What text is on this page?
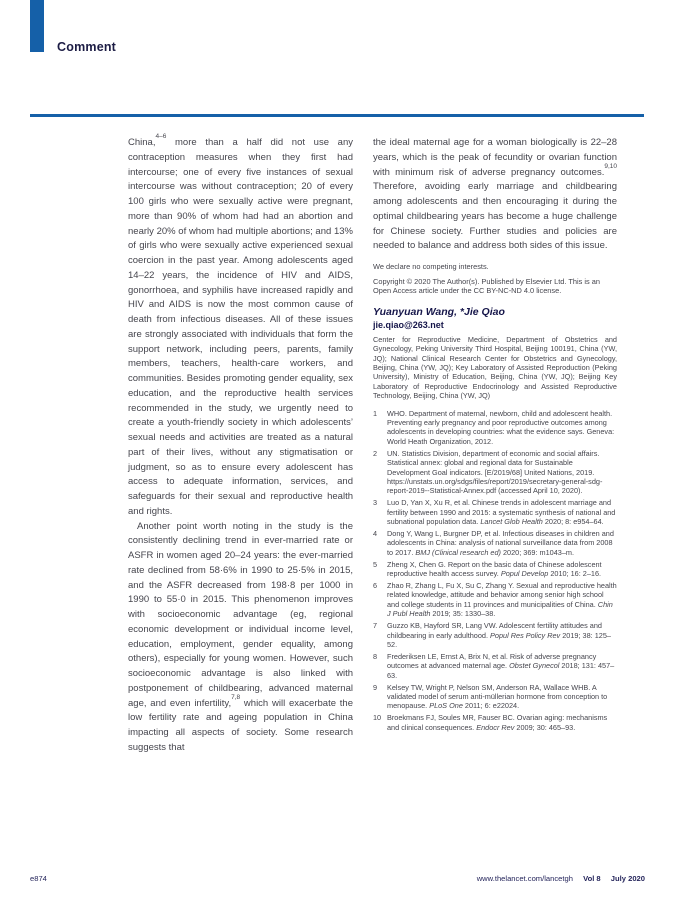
Comment

China,$^{4-6}$ more than a half did not use any contraception measures when they first had intercourse; one of every five instances of sexual intercourse was without contraception; 20 of every 100 girls who were sexually active were pregnant, more than 90% of whom had had an abortion and nearly 20% of whom had multiple abortions; and 13% of girls who were sexually active experienced sexual coercion in the past year. Among adolescents aged 14–22 years, the incidence of HIV and AIDS, gonorrhoea, and syphilis have increased rapidly and HIV and AIDS is now the most common cause of death from infectious diseases. All of these issues are strongly associated with individuals that form the support network, including peers, parents, family members, teachers, health-care workers, and communities. Besides promoting gender equality, sex education, and the reproductive health services recommended in the study, we urgently need to create a youth-friendly society in which adolescents’ sexual needs and activities are treated as a natural part of their lives, without any stigmatisation or judgment, so as to ensure every adolescent has access to adequate information, services, and safeguards for their sexual and reproductive health and rights.

Another point worth noting in the study is the consistently declining trend in ever-married rate or ASFR in women aged 20–24 years: the ever-married rate declined from 58·6% in 1990 to 25·5% in 2015, and the ASFR decreased from 198·8 per 1000 in 1990 to 55·0 in 2015. This phenomenon improves with socioeconomic advantage (eg, regional economic development or individual income level, education, employment, gender equality, among others), especially for young women. However, such socioeconomic advantage is also linked with postponement of childbearing, advanced maternal age, and even infertility,$^{7,8}$ which will exacerbate the low fertility rate and ageing population in China impacting all aspects of society. Some research suggests that

the ideal maternal age for a woman biologically is 22–28 years, which is the peak of fecundity or ovarian function with minimum risk of adverse pregnancy outcomes.$^{9,10}$ Therefore, avoiding early marriage and childbearing among adolescents and then encouraging it during the optimal childbearing years has become a huge challenge for Chinese society. Further studies and policies are needed to balance and address both sides of this issue.

We declare no competing interests.

Copyright © 2020 The Author(s). Published by Elsevier Ltd. This is an Open Access article under the CC BY-NC-ND 4.0 license.

Yuanyuan Wang, *Jie Qiao

jie.qiao@263.net

Center for Reproductive Medicine, Department of Obstetrics and Gynecology, Peking University Third Hospital, Beijing 100191, China (YW, JQ); National Clinical Research Center for Obstetrics and Gynecology, Beijing, China (YW, JQ); Key Laboratory of Assisted Reproduction (Peking University), Ministry of Education, Beijing, China (YW, JQ); Beijing Key Laboratory of Reproductive Endocrinology and Assisted Reproductive Technology, Beijing, China (YW, JQ)

1	WHO. Department of maternal, newborn, child and adolescent health. Preventing early pregnancy and poor reproductive outcomes among adolescents in developing countries: what the evidence says. Geneva: World Heath Organization, 2012.
2	UN. Statistics Division, department of economic and social affairs. Statistical annex: global and regional data for Sustainable Development Goal indicators. [E/2019/68] United Nations, 2019. https://unstats.un.org/sdgs/files/report/2019/secretary-general-sdg-report-2019--Statistical-Annex.pdf (accessed April 10, 2020).
3	Luo D, Yan X, Xu R, et al. Chinese trends in adolescent marriage and fertility between 1990 and 2015: a systematic synthesis of national and subnational population data. Lancet Glob Health 2020; 8: e954–64.
4	Dong Y, Wang L, Burgner DP, et al. Infectious diseases in children and adolescents in China: analysis of national surveillance data from 2008 to 2017. BMJ (Clinical research ed) 2020; 369: m1043–m.
5	Zheng X, Chen G. Report on the basic data of Chinese adolescent reproductive health access survey. Popul Develop 2010; 16: 2–16.
6	Zhao R, Zhang L, Fu X, Su C, Zhang Y. Sexual and reproductive health related knowledge, attitude and behavior among senior high school and college students in 11 provinces and municipalities of China. Chin J Publ Health 2019; 35: 1330–38.
7	Guzzo KB, Hayford SR, Lang VW. Adolescent fertility attitudes and childbearing in early adulthood. Popul Res Policy Rev 2019; 38: 125–52.
8	Frederiksen LE, Ernst A, Brix N, et al. Risk of adverse pregnancy outcomes at advanced maternal age. Obstet Gynecol 2018; 131: 457–63.
9	Kelsey TW, Wright P, Nelson SM, Anderson RA, Wallace WHB. A validated model of serum anti-müllerian hormone from conception to menopause. PLoS One 2011; 6: e22024.
10 Broekmans FJ, Soules MR, Fauser BC. Ovarian aging: mechanisms and clinical consequences. Endocr Rev 2009; 30: 465–93.
e874	www.thelancet.com/lancetgh Vol 8 July 2020
